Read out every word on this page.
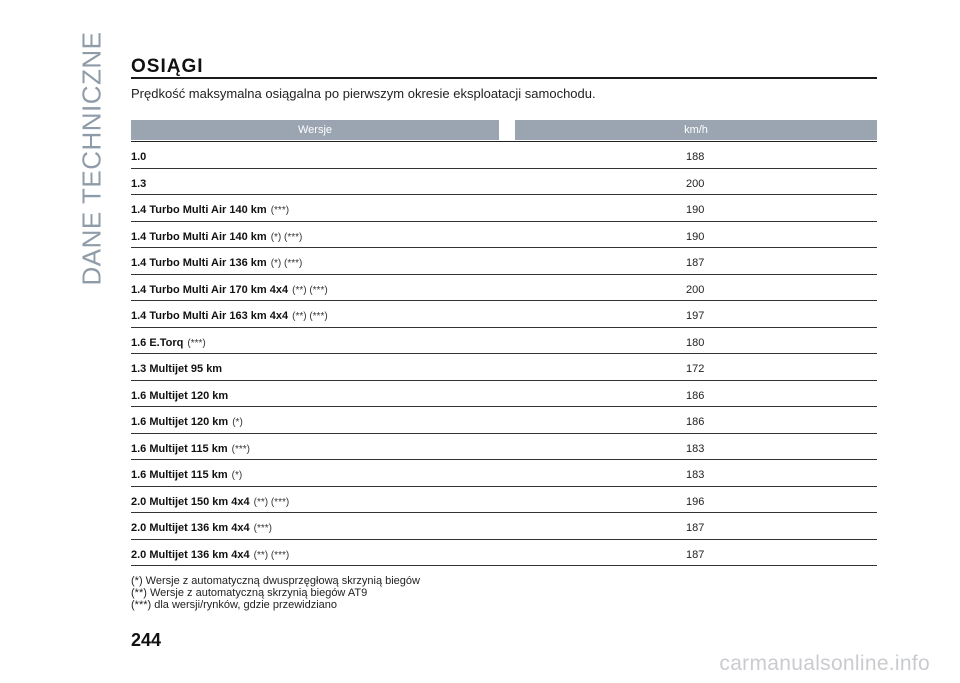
DANE TECHNICZNE OSIĄGI
Prędkość maksymalna osiągalna po pierwszym okresie eksploatacji samochodu.
Wersje	km/h
1.0	188
1.3	200
1.4 Turbo Multi Air 140 km (***)	190
1.4 Turbo Multi Air 140 km (*) (***)	190
1.4 Turbo Multi Air 136 km (*) (***)	187
1.4 Turbo Multi Air 170 km 4x4 (**) (***)	200
1.4 Turbo Multi Air 163 km 4x4 (**) (***)	197
1.6 E.Torq (***)	180
1.3 Multijet 95 km	172
1.6 Multijet 120 km	186
1.6 Multijet 120 km (*)	186
1.6 Multijet 115 km (***)	183
1.6 Multijet 115 km (*)	183
2.0 Multijet 150 km 4x4 (**) (***)	196
2.0 Multijet 136 km 4x4 (***)	187
2.0 Multijet 136 km 4x4 (**) (***)	187
(*) Wersje z automatyczną dwusprzęgłową skrzynią biegów
(**) Wersje z automatyczną skrzynią biegów AT9
(***) dla wersji/rynków, gdzie przewidziano
244
carmanualsonline.info
